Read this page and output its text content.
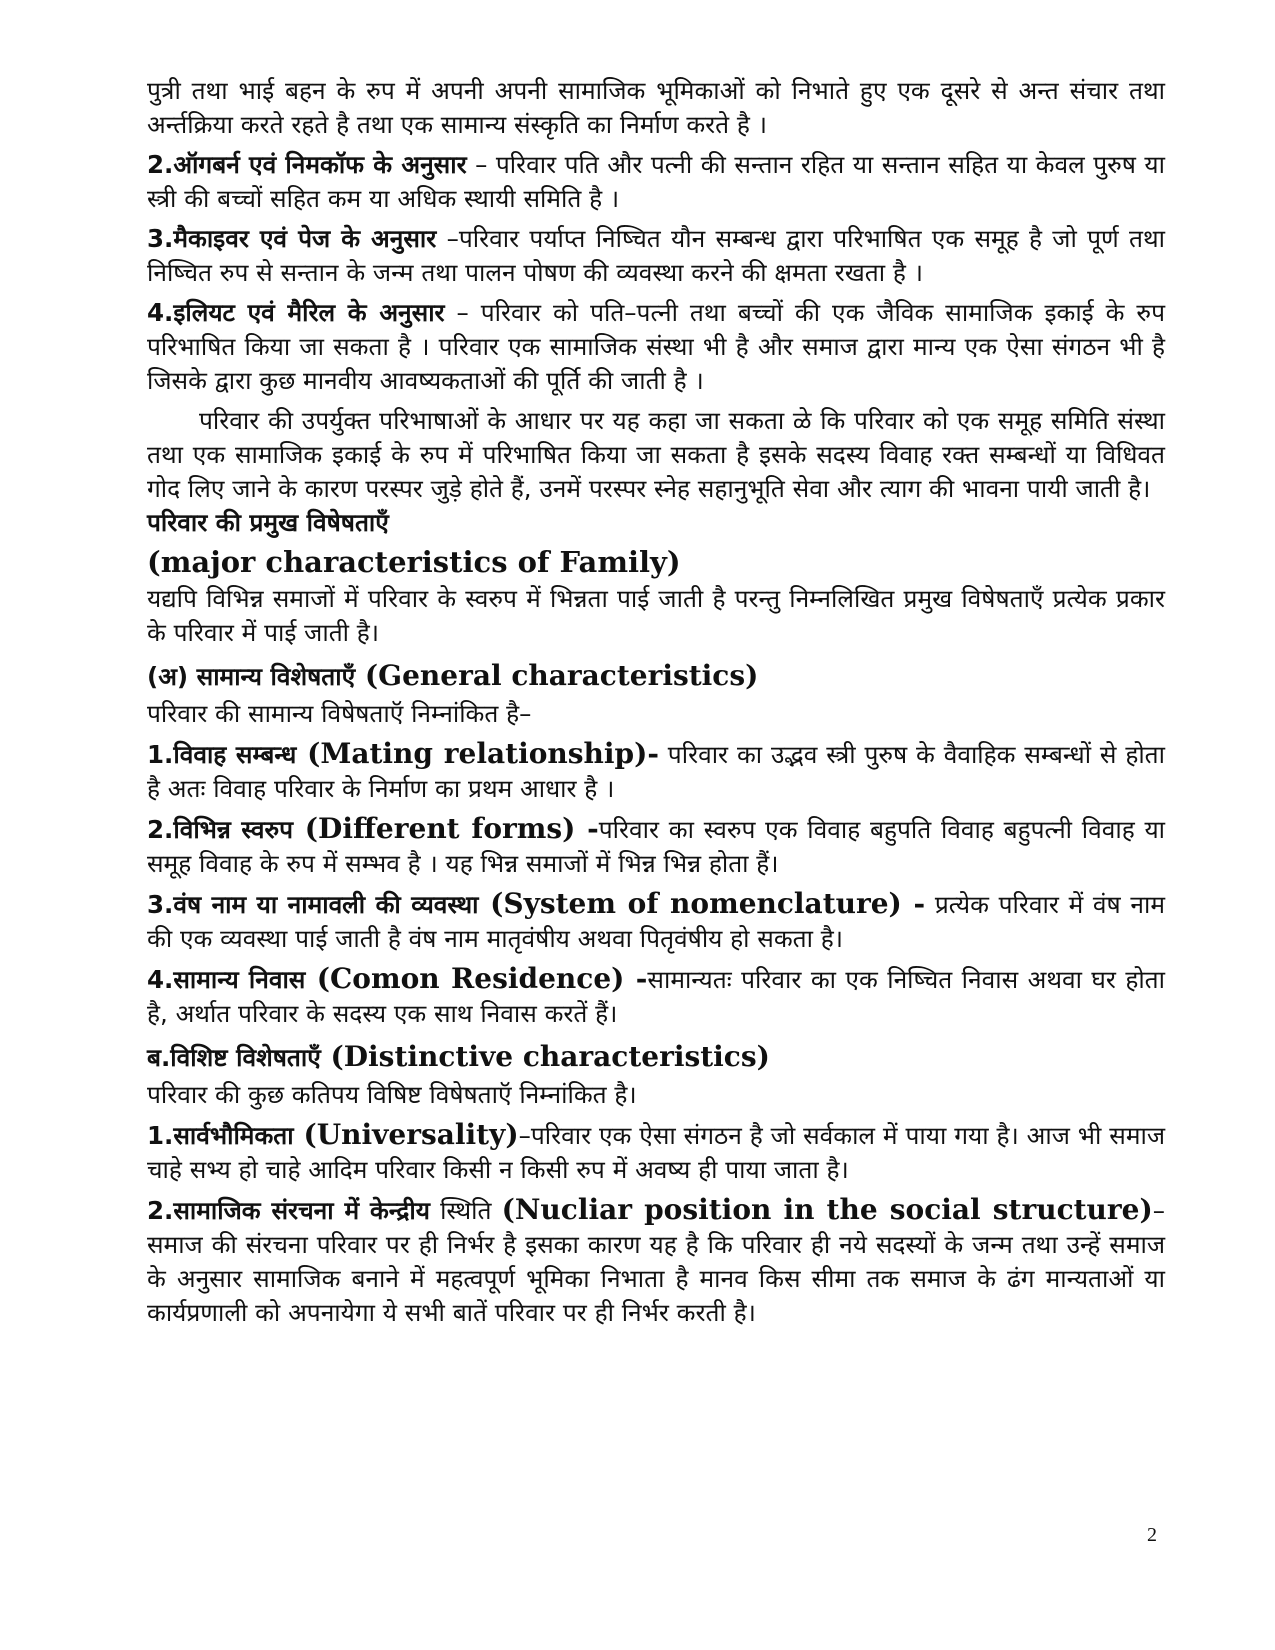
पुत्री तथा भाई बहन के रुप में अपनी अपनी सामाजिक भूमिकाओं को निभाते हुए एक दूसरे से अन्त संचार तथा अर्न्तक्रिया करते रहते है तथा एक सामान्य संस्कृति का निर्माण करते है ।

2.ऑगबर्न एवं निमकॉफ के अनुसार – परिवार पति और पत्नी की सन्तान रहित या सन्तान सहित या केवल पुरुष या स्त्री की बच्चों सहित कम या अधिक स्थायी समिति है ।

3.मैकाइवर एवं पेज के अनुसार –परिवार पर्याप्त निष्चित यौन सम्बन्ध द्वारा परिभाषित एक समूह है जो पूर्ण तथा निष्चित रुप से सन्तान के जन्म तथा पालन पोषण की व्यवस्था करने की क्षमता रखता है ।

4.इलियट एवं मैरिल के अनुसार – परिवार को पति–पत्नी तथा बच्चों की एक जैविक सामाजिक इकाई के रुप परिभाषित किया जा सकता है । परिवार एक सामाजिक संस्था भी है और समाज द्वारा मान्य एक ऐसा संगठन भी है जिसके द्वारा कुछ मानवीय आवष्यकताओं की पूर्ति की जाती है ।

परिवार की उपर्युक्त परिभाषाओं के आधार पर यह कहा जा सकता ळे कि परिवार को एक समूह समिति संस्था तथा एक सामाजिक इकाई के रुप में परिभाषित किया जा सकता है इसके सदस्य विवाह रक्त सम्बन्धों या विधिवत गोद लिए जाने के कारण परस्पर जुड़े होते हैं, उनमें परस्पर स्नेह सहानुभूति सेवा और त्याग की भावना पायी जाती है।

परिवार की प्रमुख विषेषताएँ

(major characteristics of Family)

यद्यपि विभिन्न समाजों में परिवार के स्वरुप में भिन्नता पाई जाती है परन्तु निम्नलिखित प्रमुख विषेषताएँ प्रत्येक प्रकार के परिवार में पाई जाती है।

(अ) सामान्य विशेषताएँ (General characteristics)

परिवार की सामान्य विषेषताऍ निम्नांकित है–

1.विवाह सम्बन्ध (Mating relationship)- परिवार का उद्भव स्त्री पुरुष के वैवाहिक सम्बन्धों से होता है अतः विवाह परिवार के निर्माण का प्रथम आधार है ।

2.विभिन्न स्वरुप (Different forms) -परिवार का स्वरुप एक विवाह बहुपति विवाह बहुपत्नी विवाह या समूह विवाह के रुप में सम्भव है । यह भिन्न समाजों में भिन्न भिन्न होता हैं।

3.वंष नाम या नामावली की व्यवस्था (System of nomenclature) - प्रत्येक परिवार में वंष नाम की एक व्यवस्था पाई जाती है वंष नाम मातृवंषीय अथवा पितृवंषीय हो सकता है।

4.सामान्य निवास (Comon Residence) -सामान्यतः परिवार का एक निष्चित निवास अथवा घर होता है, अर्थात परिवार के सदस्य एक साथ निवास करतें हैं।

ब.विशिष्ट विशेषताएँ (Distinctive characteristics)

परिवार की कुछ कतिपय विषिष्ट विषेषताऍ निम्नांकित है।

1.सार्वभौमिकता (Universality)–परिवार एक ऐसा संगठन है जो सर्वकाल में पाया गया है। आज भी समाज चाहे सभ्य हो चाहे आदिम परिवार किसी न किसी रुप में अवष्य ही पाया जाता है।

2.सामाजिक संरचना में केन्द्रीय स्थिति (Nucliar position in the social structure)– समाज की संरचना परिवार पर ही निर्भर है इसका कारण यह है कि परिवार ही नये सदस्यों के जन्म तथा उन्हें समाज के अनुसार सामाजिक बनाने में महत्वपूर्ण भूमिका निभाता है मानव किस सीमा तक समाज के ढंग मान्यताओं या कार्यप्रणाली को अपनायेगा ये सभी बातें परिवार पर ही निर्भर करती है।

2
